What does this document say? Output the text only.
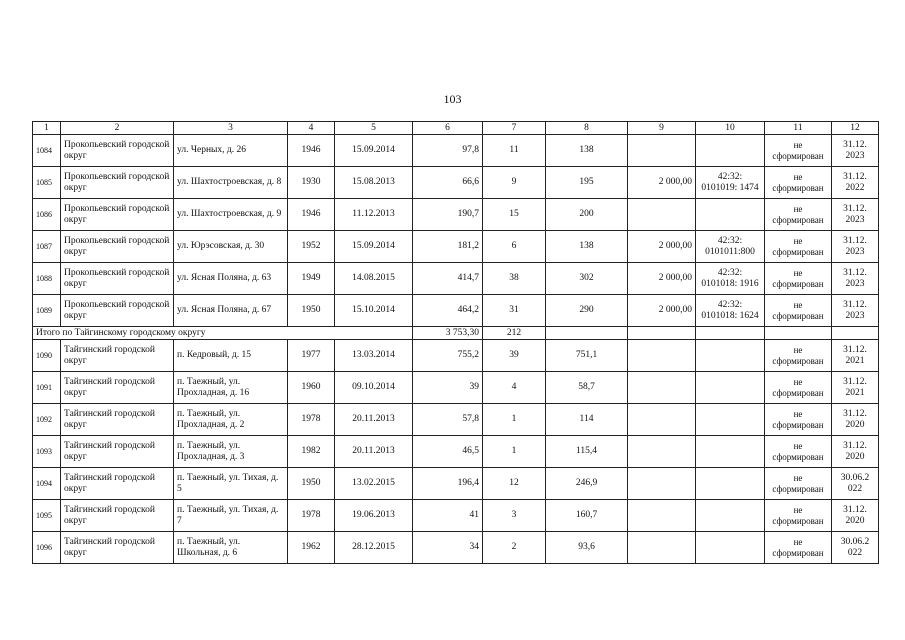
103
1	2	3	4	5	6	7	8	9	10	11	12
1084	Прокопьевский городской округ	ул. Черных, д. 26	1946	15.09.2014	97,8	11	138			не сформирован	31.12. 2023
1085	Прокопьевский городской округ	ул. Шахтостроевская, д. 8	1930	15.08.2013	66,6	9	195	2 000,00	42:32: 0101019: 1474	не сформирован	31.12. 2022
1086	Прокопьевский городской округ	ул. Шахтостроевская, д. 9	1946	11.12.2013	190,7	15	200			не сформирован	31.12. 2023
1087	Прокопьевский городской округ	ул. Юрэсовская, д. 30	1952	15.09.2014	181,2	6	138	2 000,00	42:32: 0101011:800	не сформирован	31.12. 2023
1088	Прокопьевский городской округ	ул. Ясная Поляна, д. 63	1949	14.08.2015	414,7	38	302	2 000,00	42:32: 0101018: 1916	не сформирован	31.12. 2023
1089	Прокопьевский городской округ	ул. Ясная Поляна, д. 67	1950	15.10.2014	464,2	31	290	2 000,00	42:32: 0101018: 1624	не сформирован	31.12. 2023
Итого по Тайгинскому городскому округу					3 753,30	212					
1090	Тайгинский городской округ	п. Кедровый, д. 15	1977	13.03.2014	755,2	39	751,1			не сформирован	31.12. 2021
1091	Тайгинский городской округ	п. Таежный, ул. Прохладная, д. 16	1960	09.10.2014	39	4	58,7			не сформирован	31.12. 2021
1092	Тайгинский городской округ	п. Таежный, ул. Прохладная, д. 2	1978	20.11.2013	57,8	1	114			не сформирован	31.12. 2020
1093	Тайгинский городской округ	п. Таежный, ул. Прохладная, д. 3	1982	20.11.2013	46,5	1	115,4			не сформирован	31.12. 2020
1094	Тайгинский городской округ	п. Таежный, ул. Тихая, д. 5	1950	13.02.2015	196,4	12	246,9			не сформирован	30.06.2 022
1095	Тайгинский городской округ	п. Таежный, ул. Тихая, д. 7	1978	19.06.2013	41	3	160,7			не сформирован	31.12. 2020
1096	Тайгинский городской округ	п. Таежный, ул. Школьная, д. 6	1962	28.12.2015	34	2	93,6			не сформирован	30.06.2 022
